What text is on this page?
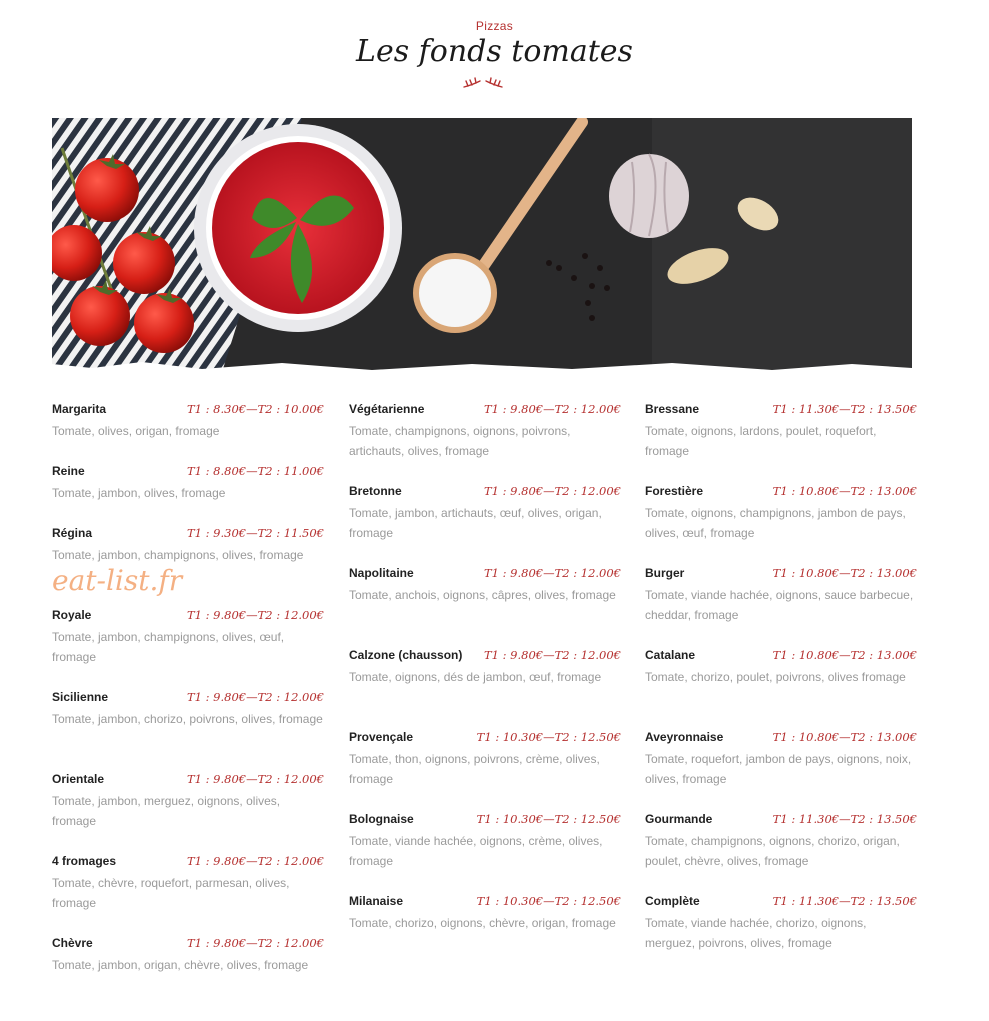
Pizzas
Les fonds tomates
eat-list.fr
Margarita	T1 : 8.30€—T2 : 10.00€
Tomate, olives, origan, fromage
Reine	T1 : 8.80€—T2 : 11.00€
Tomate, jambon, olives, fromage
Régina	T1 : 9.30€—T2 : 11.50€
Tomate, jambon, champignons, olives, fromage
Royale	T1 : 9.80€—T2 : 12.00€
Tomate, jambon, champignons, olives, œuf, fromage
Sicilienne	T1 : 9.80€—T2 : 12.00€
Tomate, jambon, chorizo, poivrons, olives, fromage
Orientale	T1 : 9.80€—T2 : 12.00€
Tomate, jambon, merguez, oignons, olives, fromage
4 fromages	T1 : 9.80€—T2 : 12.00€
Tomate, chèvre, roquefort, parmesan, olives, fromage
Chèvre	T1 : 9.80€—T2 : 12.00€
Tomate, jambon, origan, chèvre, olives, fromage
Végétarienne	T1 : 9.80€—T2 : 12.00€
Tomate, champignons, oignons, poivrons, artichauts, olives, fromage
Bretonne	T1 : 9.80€—T2 : 12.00€
Tomate, jambon, artichauts, œuf, olives, origan, fromage
Napolitaine	T1 : 9.80€—T2 : 12.00€
Tomate, anchois, oignons, câpres, olives, fromage
Calzone (chausson) T1 : 9.80€—T2 : 12.00€
Tomate, oignons, dés de jambon, œuf, fromage
Provençale	T1 : 10.30€—T2 : 12.50€
Tomate, thon, oignons, poivrons, crème, olives, fromage
Bolognaise	T1 : 10.30€—T2 : 12.50€
Tomate, viande hachée, oignons, crème, olives, fromage
Milanaise	T1 : 10.30€—T2 : 12.50€
Tomate, chorizo, oignons, chèvre, origan, fromage
Bressane	T1 : 11.30€—T2 : 13.50€
Tomate, oignons, lardons, poulet, roquefort, fromage
Forestière	T1 : 10.80€—T2 : 13.00€
Tomate, oignons, champignons, jambon de pays, olives, œuf, fromage
Burger	T1 : 10.80€—T2 : 13.00€
Tomate, viande hachée, oignons, sauce barbecue, cheddar, fromage
Catalane	T1 : 10.80€—T2 : 13.00€
Tomate, chorizo, poulet, poivrons, olives fromage
Aveyronnaise	T1 : 10.80€—T2 : 13.00€
Tomate, roquefort, jambon de pays, oignons, noix, olives, fromage
Gourmande	T1 : 11.30€—T2 : 13.50€
Tomate, champignons, oignons, chorizo, origan, poulet, chèvre, olives, fromage
Complète	T1 : 11.30€—T2 : 13.50€
Tomate, viande hachée, chorizo, oignons, merguez, poivrons, olives, fromage
